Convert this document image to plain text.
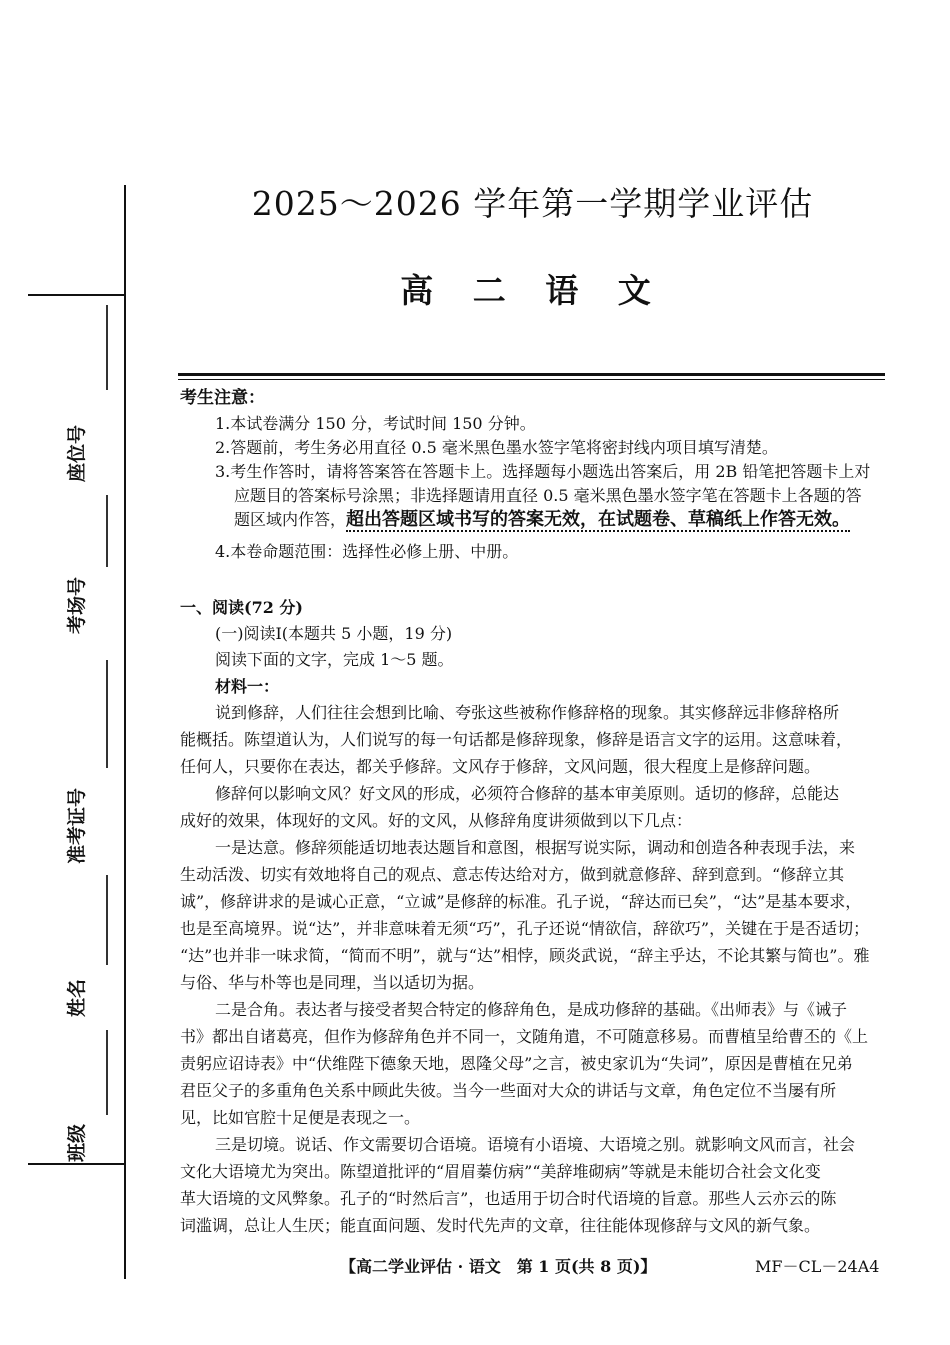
座位号
考场号
准考证号
姓名
班级
2025～2026 学年第一学期学业评估
高 二 语 文
考生注意：
1.本试卷满分 150 分，考试时间 150 分钟。
2.答题前，考生务必用直径 0.5 毫米黑色墨水签字笔将密封线内项目填写清楚。
3.考生作答时，请将答案答在答题卡上。选择题每小题选出答案后，用 2B 铅笔把答题卡上对
应题目的答案标号涂黑；非选择题请用直径 0.5 毫米黑色墨水签字笔在答题卡上各题的答
题区域内作答，超出答题区域书写的答案无效，在试题卷、草稿纸上作答无效。
4.本卷命题范围：选择性必修上册、中册。
一、阅读(72 分)
(一)阅读Ⅰ(本题共 5 小题，19 分)
阅读下面的文字，完成 1～5 题。
材料一：
说到修辞，人们往往会想到比喻、夸张这些被称作修辞格的现象。其实修辞远非修辞格所
能概括。陈望道认为，人们说写的每一句话都是修辞现象，修辞是语言文字的运用。这意味着，
任何人，只要你在表达，都关乎修辞。文风存于修辞，文风问题，很大程度上是修辞问题。
修辞何以影响文风？好文风的形成，必须符合修辞的基本审美原则。适切的修辞，总能达
成好的效果，体现好的文风。好的文风，从修辞角度讲须做到以下几点：
一是达意。修辞须能适切地表达题旨和意图，根据写说实际，调动和创造各种表现手法，来
生动活泼、切实有效地将自己的观点、意志传达给对方，做到就意修辞、辞到意到。“修辞立其
诚”，修辞讲求的是诚心正意，“立诚”是修辞的标准。孔子说，“辞达而已矣”，“达”是基本要求，
也是至高境界。说“达”，并非意味着无须“巧”，孔子还说“情欲信，辞欲巧”，关键在于是否适切；
“达”也并非一味求简，“简而不明”，就与“达”相悖，顾炎武说，“辞主乎达，不论其繁与简也”。雅
与俗、华与朴等也是同理，当以适切为据。
二是合角。表达者与接受者契合特定的修辞角色，是成功修辞的基础。《出师表》与《诫子
书》都出自诸葛亮，但作为修辞角色并不同一，文随角遣，不可随意移易。而曹植呈给曹丕的《上
责躬应诏诗表》中“伏维陛下德象天地，恩隆父母”之言，被史家讥为“失词”，原因是曹植在兄弟
君臣父子的多重角色关系中顾此失彼。当今一些面对大众的讲话与文章，角色定位不当屡有所
见，比如官腔十足便是表现之一。
三是切境。说话、作文需要切合语境。语境有小语境、大语境之别。就影响文风而言，社会
文化大语境尤为突出。陈望道批评的“眉眉蓁仿病”“美辞堆砌病”等就是未能切合社会文化变
革大语境的文风弊象。孔子的“时然后言”，也适用于切合时代语境的旨意。那些人云亦云的陈
词滥调，总让人生厌；能直面问题、发时代先声的文章，往往能体现修辞与文风的新气象。
【高二学业评估 · 语文　第 1 页(共 8 页)】	MF－CL－24A4
